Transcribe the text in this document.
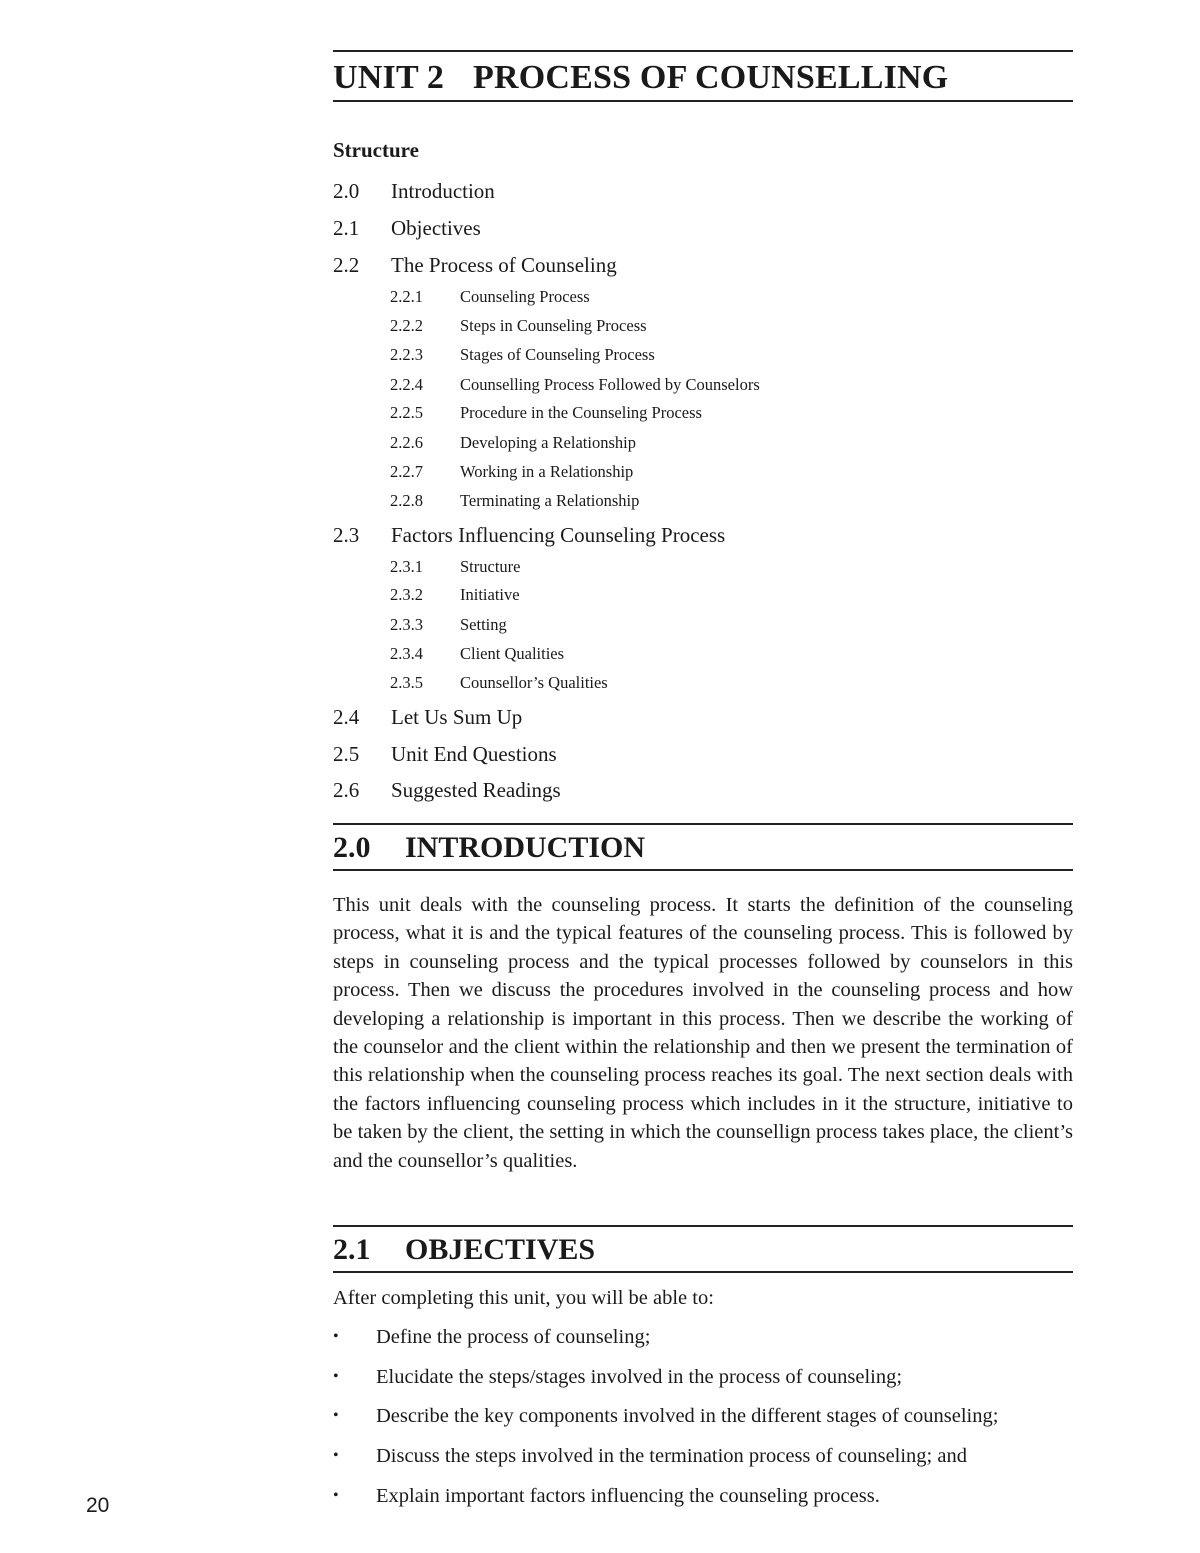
UNIT 2 PROCESS OF COUNSELLING
Structure
2.0 Introduction
2.1 Objectives
2.2 The Process of Counseling
2.2.1 Counseling Process
2.2.2 Steps in Counseling Process
2.2.3 Stages of Counseling Process
2.2.4 Counselling Process Followed by Counselors
2.2.5 Procedure in the Counseling Process
2.2.6 Developing a Relationship
2.2.7 Working in a Relationship
2.2.8 Terminating a Relationship
2.3 Factors Influencing Counseling Process
2.3.1 Structure
2.3.2 Initiative
2.3.3 Setting
2.3.4 Client Qualities
2.3.5 Counsellor’s Qualities
2.4 Let Us Sum Up
2.5 Unit End Questions
2.6 Suggested Readings
2.0 INTRODUCTION
This unit deals with the counseling process. It starts the definition of the counseling process, what it is and the typical features of the counseling process. This is followed by steps in counseling process and the typical processes followed by counselors in this process. Then we discuss the procedures involved in the counseling process and how developing a relationship is important in this process. Then we describe the working of the counselor and the client within the relationship and then we present the termination of this relationship when the counseling process reaches its goal. The next section deals with the factors influencing counseling process which includes in it the structure, initiative to be taken by the client, the setting in which the counsellign process takes place, the client’s and the counsellor’s qualities.
2.1 OBJECTIVES
After completing this unit, you will be able to:
• Define the process of counseling;
• Elucidate the steps/stages involved in the process of counseling;
• Describe the key components involved in the different stages of counseling;
• Discuss the steps involved in the termination process of counseling; and
• Explain important factors influencing the counseling process.
20
